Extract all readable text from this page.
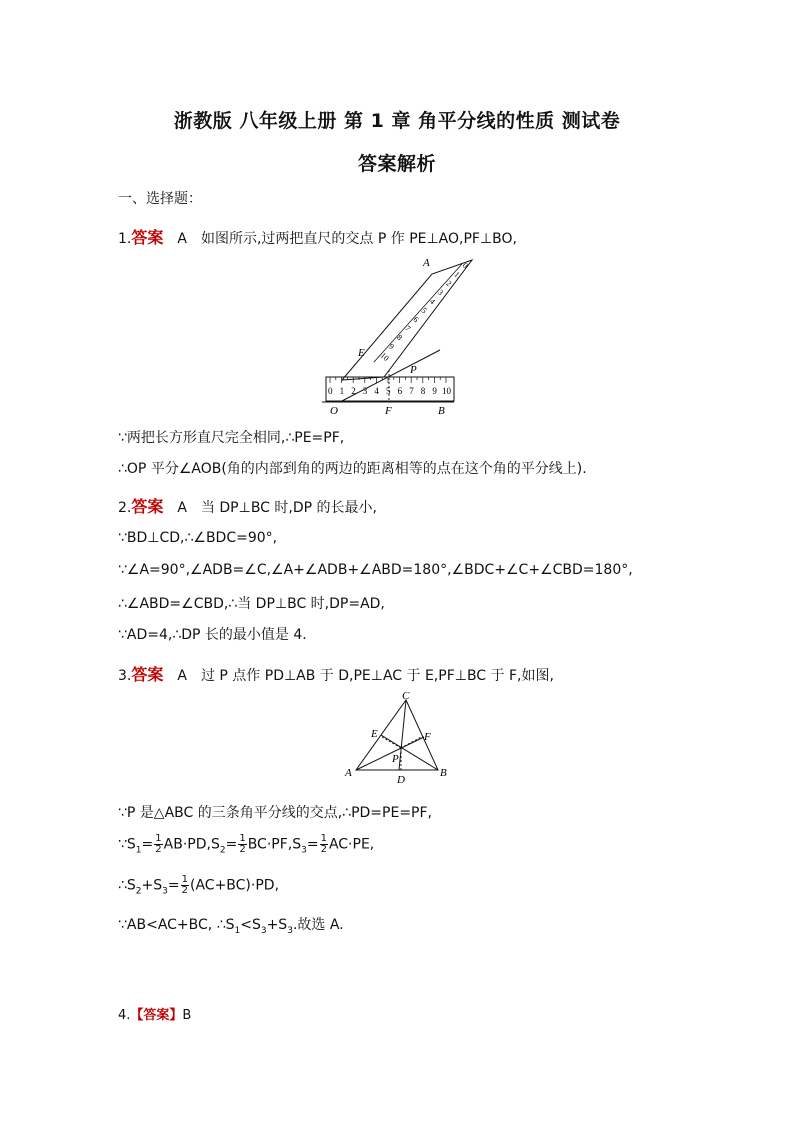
浙教版 八年级上册 第 1 章 角平分线的性质 测试卷
答案解析
一、选择题：
1.答案 A 如图所示,过两把直尺的交点 P 作 PE⊥AO,PF⊥BO,
10
9
8
7
6
5
4
3
2
1
0
0 1 2 3 4 5 6 7 8 9 10
A
E
P
O	F	B
∵两把长方形直尺完全相同,∴PE=PF,
∴OP 平分∠AOB(角的内部到角的两边的距离相等的点在这个角的平分线上).
2.答案 A 当 DP⊥BC 时,DP 的长最小,
∵BD⊥CD,∴∠BDC=90°,
∵∠A=90°,∠ADB=∠C,∠A+∠ADB+∠ABD=180°,∠BDC+∠C+∠CBD=180°,
∴∠ABD=∠CBD,∴当 DP⊥BC 时,DP=AD,
∵AD=4,∴DP 长的最小值是 4.
3.答案 A 过 P 点作 PD⊥AB 于 D,PE⊥AC 于 E,PF⊥BC 于 F,如图,
C
E	F
P
A
D
B
∵P 是△ABC 的三条角平分线的交点,∴PD=PE=PF,
$\because S_1= \frac{1}{2} AB\cdot PD,S_2= \frac{1}{2} BC\cdot PF,S_3= \frac{1}{2} AC\cdot PE$,
$\therefore S_2+S_3= \frac{1}{2} (AC+BC)\cdot PD$,
∵AB<AC+BC, $\therefore S_1<S_3+S_3$.故选 A.
4.【答案】B
